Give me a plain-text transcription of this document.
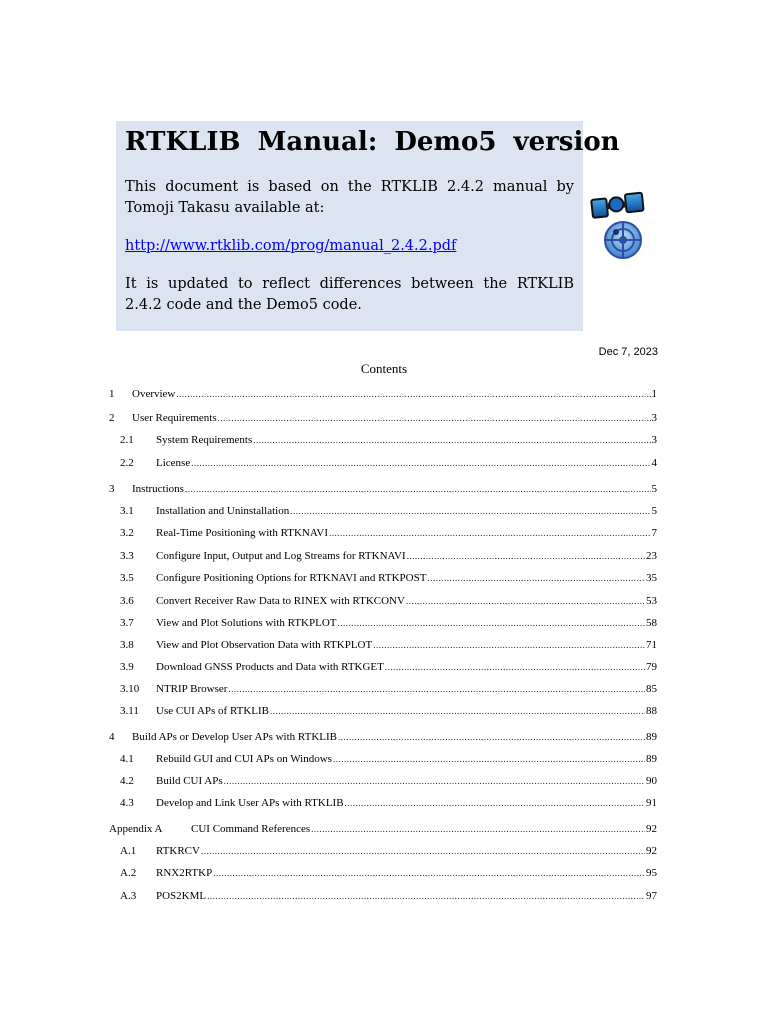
RTKLIB Manual: Demo5 version

This document is based on the RTKLIB 2.4.2 manual by Tomoji Takasu available at:

http://www.rtklib.com/prog/manual_2.4.2.pdf

It is updated to reflect differences between the RTKLIB 2.4.2 code and the Demo5 code.

Dec 7, 2023
Contents
1	Overview .....	1
2	User Requirements .....	3
2.1	System Requirements .....	3
2.2	License .....	4
3	Instructions .....	5
3.1	Installation and Uninstallation .....	5
3.2	Real-Time Positioning with RTKNAVI .....	7
3.3	Configure Input, Output and Log Streams for RTKNAVI .....	23
3.5	Configure Positioning Options for RTKNAVI and RTKPOST .....	35
3.6	Convert Receiver Raw Data to RINEX with RTKCONV .....	53
3.7	View and Plot Solutions with RTKPLOT .....	58
3.8	View and Plot Observation Data with RTKPLOT .....	71
3.9	Download GNSS Products and Data with RTKGET .....	79
3.10	NTRIP Browser .....	85
3.11	Use CUI APs of RTKLIB .....	88
4	Build APs or Develop User APs with RTKLIB .....	89
4.1	Rebuild GUI and CUI APs on Windows .....	89
4.2	Build CUI APs .....	90
4.3	Develop and Link User APs with RTKLIB .....	91
Appendix A	CUI Command References .....	92
A.1	RTKRCV .....	92
A.2	RNX2RTKP .....	95
A.3	POS2KML .....	97
